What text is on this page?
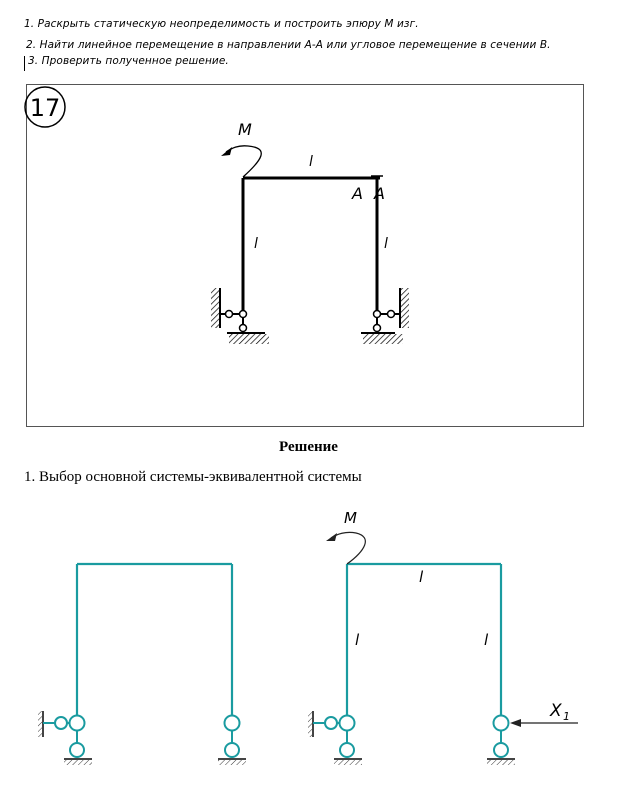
1. Раскрыть статическую неопределимость и построить эпюру M изг.
2. Найти линейное перемещение в направлении A-A или угловое перемещение в сечении B.
3. Проверить полученное решение.
17
M
l
l	l
A A
M
l
l	l
X 1
Решение
1. Выбор основной системы-эквивалентной системы
